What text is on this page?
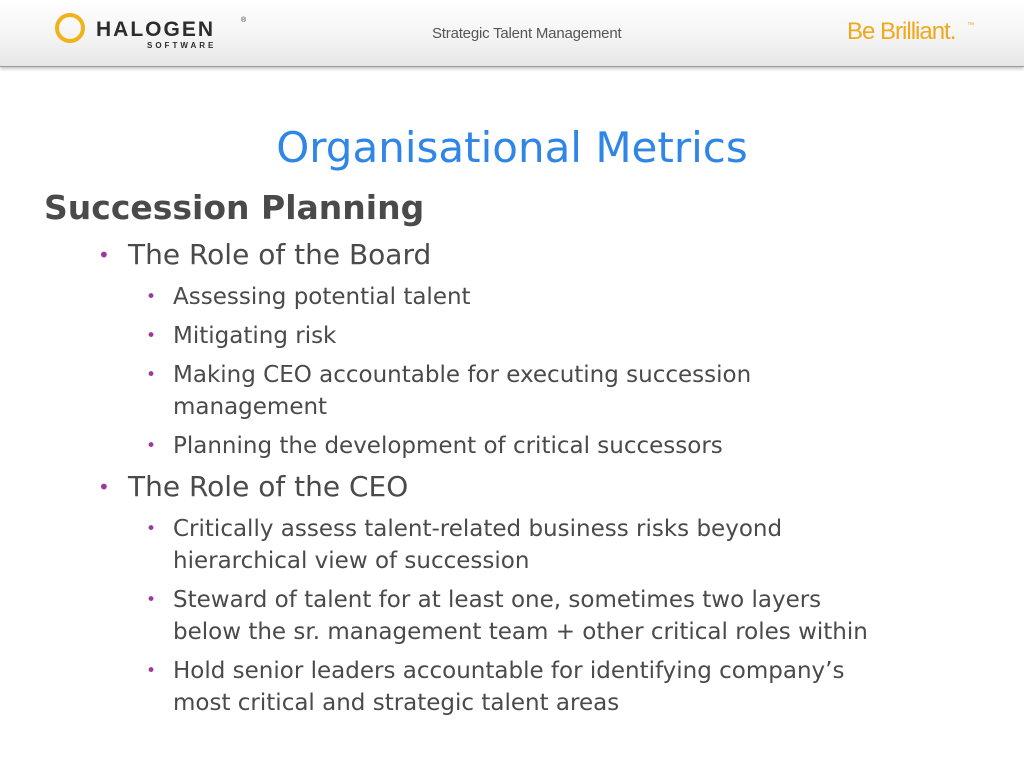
HALOGEN	®
SOFTWARE
Strategic Talent Management	Be Brilliant. ™
Organisational Metrics
Succession Planning
• The Role of the Board
• Assessing potential talent
• Mitigating risk
• Making CEO accountable for executing succession
management
• Planning the development of critical successors
• The Role of the CEO
• Critically assess talent-related business risks beyond
hierarchical view of succession
• Steward of talent for at least one, sometimes two layers
below the sr. management team + other critical roles within
• Hold senior leaders accountable for identifying company’s
most critical and strategic talent areas
